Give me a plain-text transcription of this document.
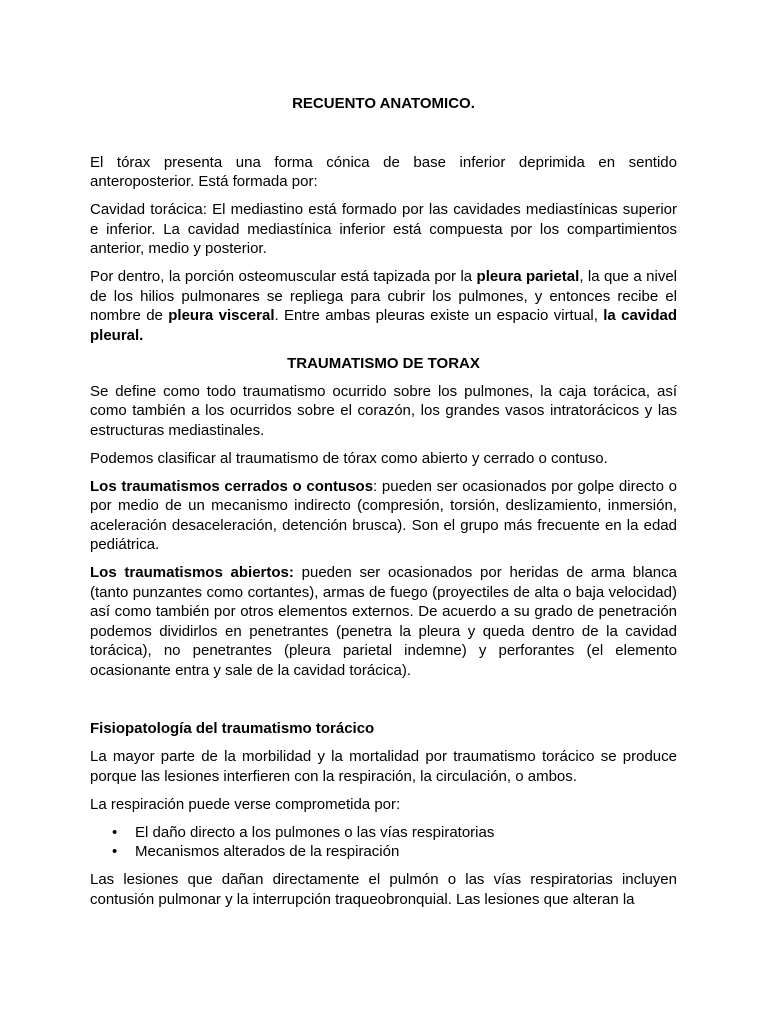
RECUENTO ANATOMICO.

El tórax presenta una forma cónica de base inferior deprimida en sentido anteroposterior. Está formada por:

Cavidad torácica: El mediastino está formado por las cavidades mediastínicas superior e inferior. La cavidad mediastínica inferior está compuesta por los compartimientos anterior, medio y posterior.

Por dentro, la porción osteomuscular está tapizada por la pleura parietal, la que a nivel de los hilios pulmonares se repliega para cubrir los pulmones, y entonces recibe el nombre de pleura visceral. Entre ambas pleuras existe un espacio virtual, la cavidad pleural.

TRAUMATISMO DE TORAX

Se define como todo traumatismo ocurrido sobre los pulmones, la caja torácica, así como también a los ocurridos sobre el corazón, los grandes vasos intratorácicos y las estructuras mediastinales.

Podemos clasificar al traumatismo de tórax como abierto y cerrado o contuso.

Los traumatismos cerrados o contusos: pueden ser ocasionados por golpe directo o por medio de un mecanismo indirecto (compresión, torsión, deslizamiento, inmersión, aceleración desaceleración, detención brusca). Son el grupo más frecuente en la edad pediátrica.

Los traumatismos abiertos: pueden ser ocasionados por heridas de arma blanca (tanto punzantes como cortantes), armas de fuego (proyectiles de alta o baja velocidad) así como también por otros elementos externos. De acuerdo a su grado de penetración podemos dividirlos en penetrantes (penetra la pleura y queda dentro de la cavidad torácica), no penetrantes (pleura parietal indemne) y perforantes (el elemento ocasionante entra y sale de la cavidad torácica).

Fisiopatología del traumatismo torácico

La mayor parte de la morbilidad y la mortalidad por traumatismo torácico se produce porque las lesiones interfieren con la respiración, la circulación, o ambos.

La respiración puede verse comprometida por:

• El daño directo a los pulmones o las vías respiratorias
• Mecanismos alterados de la respiración

Las lesiones que dañan directamente el pulmón o las vías respiratorias incluyen contusión pulmonar y la interrupción traqueobronquial. Las lesiones que alteran la
